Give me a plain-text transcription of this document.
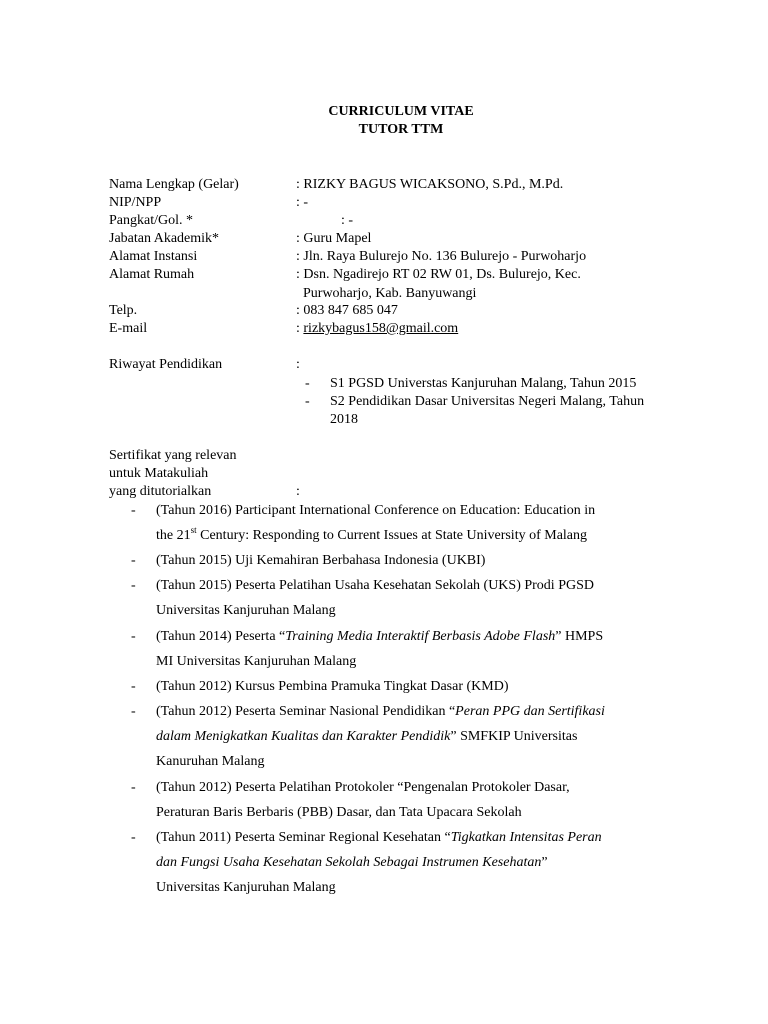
CURRICULUM VITAE
TUTOR TTM
Nama Lengkap (Gelar)	: RIZKY BAGUS WICAKSONO, S.Pd., M.Pd.
NIP/NPP	: -
Pangkat/Gol. *	: -
Jabatan Akademik*	: Guru Mapel
Alamat Instansi	: Jln. Raya Bulurejo No. 136 Bulurejo - Purwoharjo
Alamat Rumah	: Dsn. Ngadirejo RT 02 RW 01, Ds. Bulurejo, Kec.
Purwoharjo, Kab. Banyuwangi
Telp.	: 083 847 685 047
E-mail	: rizkybagus158@gmail.com
Riwayat Pendidikan	:
- S1 PGSD Universtas Kanjuruhan Malang, Tahun 2015
- S2 Pendidikan Dasar Universitas Negeri Malang, Tahun
2018
Sertifikat yang relevan
untuk Matakuliah
yang ditutorialkan	:
- (Tahun 2016) Participant International Conference on Education: Education in
the 21st Century: Responding to Current Issues at State University of Malang
- (Tahun 2015) Uji Kemahiran Berbahasa Indonesia (UKBI)
- (Tahun 2015) Peserta Pelatihan Usaha Kesehatan Sekolah (UKS) Prodi PGSD
Universitas Kanjuruhan Malang
- (Tahun 2014) Peserta “Training Media Interaktif Berbasis Adobe Flash” HMPS
MI Universitas Kanjuruhan Malang
- (Tahun 2012) Kursus Pembina Pramuka Tingkat Dasar (KMD)
- (Tahun 2012) Peserta Seminar Nasional Pendidikan “Peran PPG dan Sertifikasi
dalam Menigkatkan Kualitas dan Karakter Pendidik” SMFKIP Universitas
Kanuruhan Malang
- (Tahun 2012) Peserta Pelatihan Protokoler “Pengenalan Protokoler Dasar,
Peraturan Baris Berbaris (PBB) Dasar, dan Tata Upacara Sekolah
- (Tahun 2011) Peserta Seminar Regional Kesehatan “Tigkatkan Intensitas Peran
dan Fungsi Usaha Kesehatan Sekolah Sebagai Instrumen Kesehatan”
Universitas Kanjuruhan Malang
